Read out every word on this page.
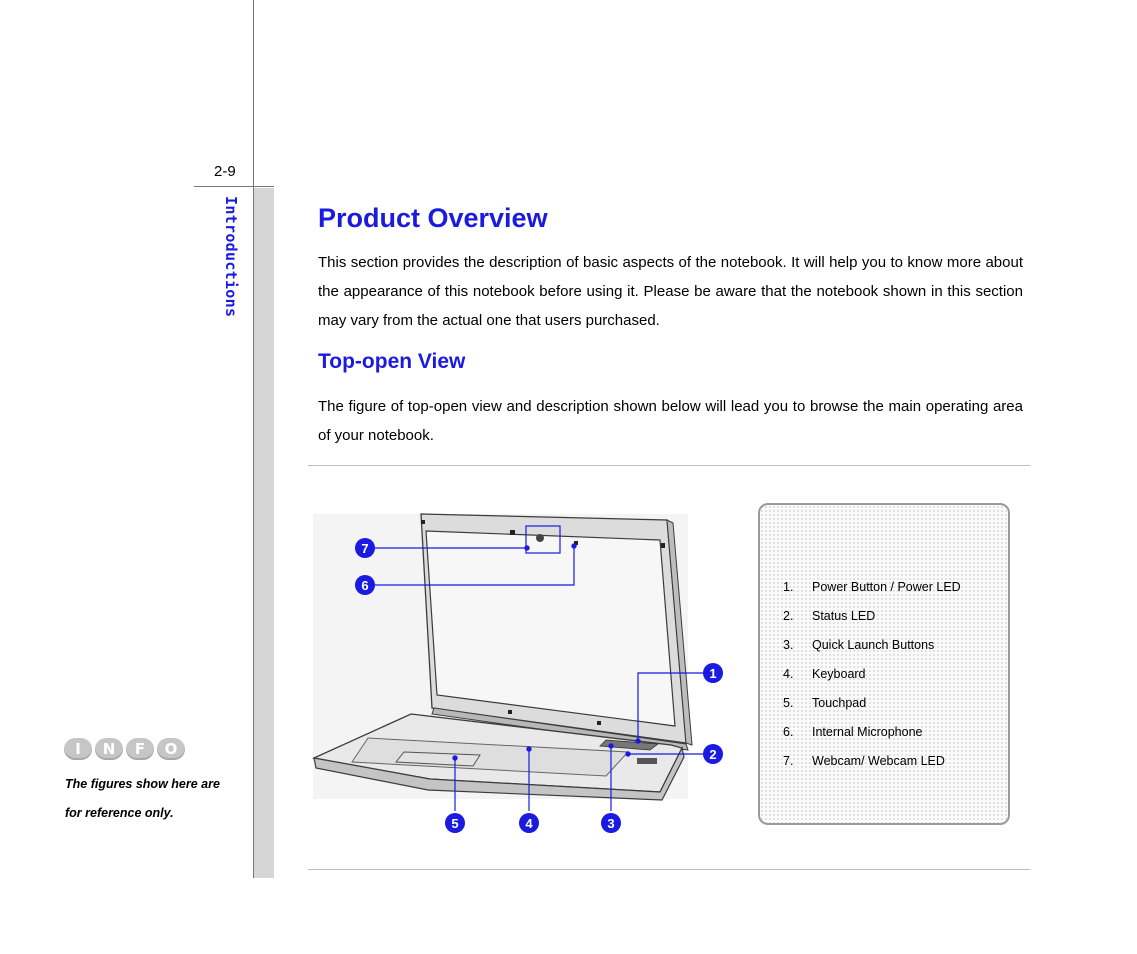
2-9
Introductions
I	N	F	O
The figures show here are for reference only.
Product Overview

This section provides the description of basic aspects of the notebook. It will help you to know more about the appearance of this notebook before using it. Please be aware that the notebook shown in this section may vary from the actual one that users purchased.

Top-open View

The figure of top-open view and description shown below will lead you to browse the main operating area of your notebook.

7
6
1
2
5	4	3
1.	Power Button / Power LED
2.	Status LED
3.	Quick Launch Buttons
4.	Keyboard
5.	Touchpad
6.	Internal Microphone
7.	Webcam/ Webcam LED
